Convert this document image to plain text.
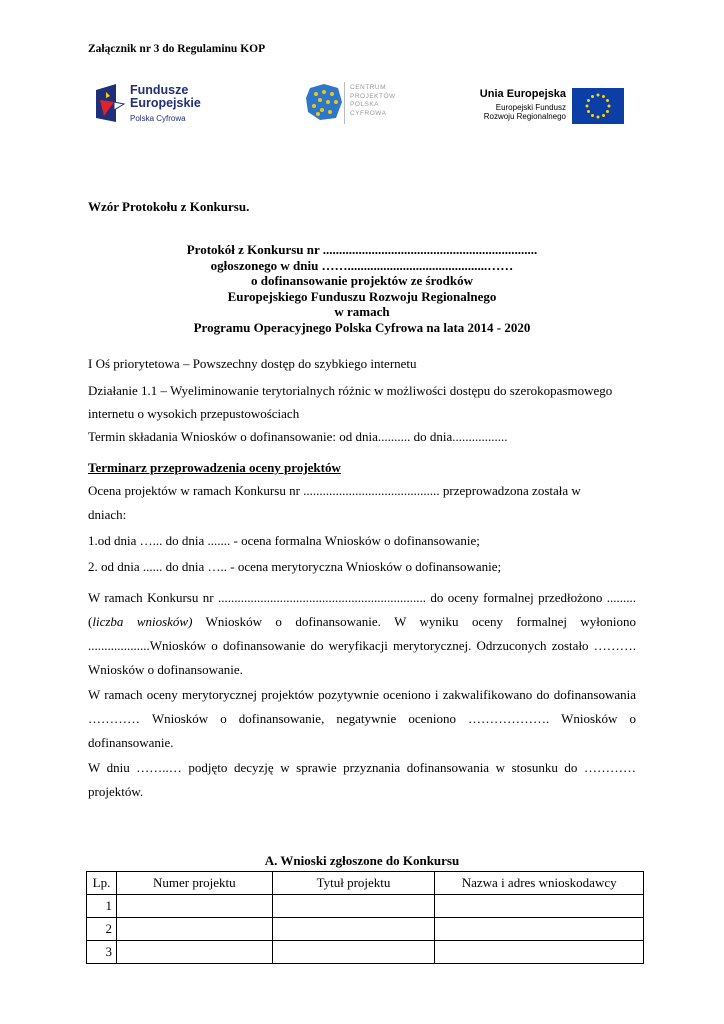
Załącznik nr 3 do Regulaminu KOP
Fundusze
Europejskie
Polska Cyfrowa
CENTRUM
PROJEKTÓW
POLSKA
CYFROWA
Unia Europejska
Europejski Fundusz
Rozwoju Regionalnego
Wzór Protokołu z Konkursu.
Protokół z Konkursu nr ..................................................................
ogłoszonego w dniu ……...........................................……
o dofinansowanie projektów ze środków
Europejskiego Funduszu Rozwoju Regionalnego
w ramach
Programu Operacyjnego Polska Cyfrowa na lata 2014 - 2020
I Oś priorytetowa – Powszechny dostęp do szybkiego internetu
Działanie 1.1 – Wyeliminowanie terytorialnych różnic w możliwości dostępu do szerokopasmowego
internetu o wysokich przepustowościach
Termin składania Wniosków o dofinansowanie: od dnia.......... do dnia.................
Terminarz przeprowadzenia oceny projektów
Ocena projektów w ramach Konkursu nr .......................................... przeprowadzona została w
dniach:
1.od dnia …... do dnia ....... - ocena formalna Wniosków o dofinansowanie;
2. od dnia ...... do dnia ….. - ocena merytoryczna Wniosków o dofinansowanie;
W ramach Konkursu nr ................................................................ do oceny formalnej przedłożono .........(liczba wniosków) Wniosków o dofinansowanie. W wyniku oceny formalnej wyłoniono ...................Wniosków o dofinansowanie do weryfikacji merytorycznej. Odrzuconych zostało ………. Wniosków o dofinansowanie.
W ramach oceny merytorycznej projektów pozytywnie oceniono i zakwalifikowano do dofinansowania ………… Wniosków o dofinansowanie, negatywnie oceniono ………………. Wniosków o dofinansowanie.
W dniu ……..… podjęto decyzję w sprawie przyznania dofinansowania w stosunku do ………… projektów.
A. Wnioski zgłoszone do Konkursu
Lp.	Numer projektu	Tytuł projektu	Nazwa i adres wnioskodawcy
1			
2			
3			
